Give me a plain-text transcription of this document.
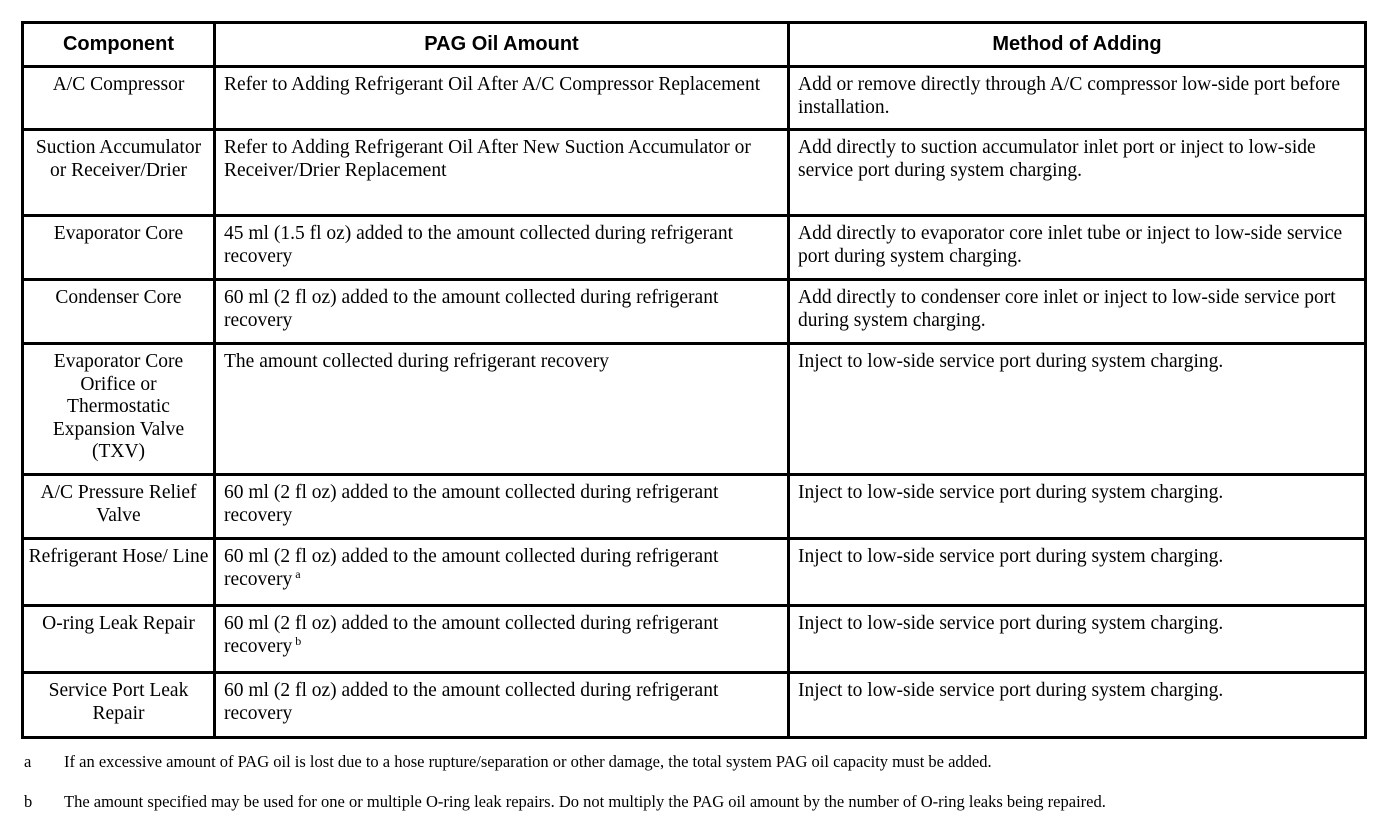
Component	PAG Oil Amount	Method of Adding
A/C Compressor	Refer to Adding Refrigerant Oil After A/C Compressor Replacement	Add or remove directly through A/C compressor low-side port before installation.
Suction Accumulator or Receiver/Drier	Refer to Adding Refrigerant Oil After New Suction Accumulator or Receiver/Drier Replacement	Add directly to suction accumulator inlet port or inject to low-side service port during system charging.
Evaporator Core	45 ml (1.5 fl oz) added to the amount collected during refrigerant recovery	Add directly to evaporator core inlet tube or inject to low-side service port during system charging.
Condenser Core	60 ml (2 fl oz) added to the amount collected during refrigerant recovery	Add directly to condenser core inlet or inject to low-side service port during system charging.
Evaporator Core Orifice or Thermostatic Expansion Valve (TXV)	The amount collected during refrigerant recovery	Inject to low-side service port during system charging.
A/C Pressure Relief Valve	60 ml (2 fl oz) added to the amount collected during refrigerant recovery	Inject to low-side service port during system charging.
Refrigerant Hose/ Line	60 ml (2 fl oz) added to the amount collected during refrigerant recovery $^a$	Inject to low-side service port during system charging.
O-ring Leak Repair	60 ml (2 fl oz) added to the amount collected during refrigerant recovery $^b$	Inject to low-side service port during system charging.
Service Port Leak Repair	60 ml (2 fl oz) added to the amount collected during refrigerant recovery	Inject to low-side service port during system charging.
a If an excessive amount of PAG oil is lost due to a hose rupture/separation or other damage, the total system PAG oil capacity must be added.
b The amount specified may be used for one or multiple O-ring leak repairs. Do not multiply the PAG oil amount by the number of O-ring leaks being repaired.
